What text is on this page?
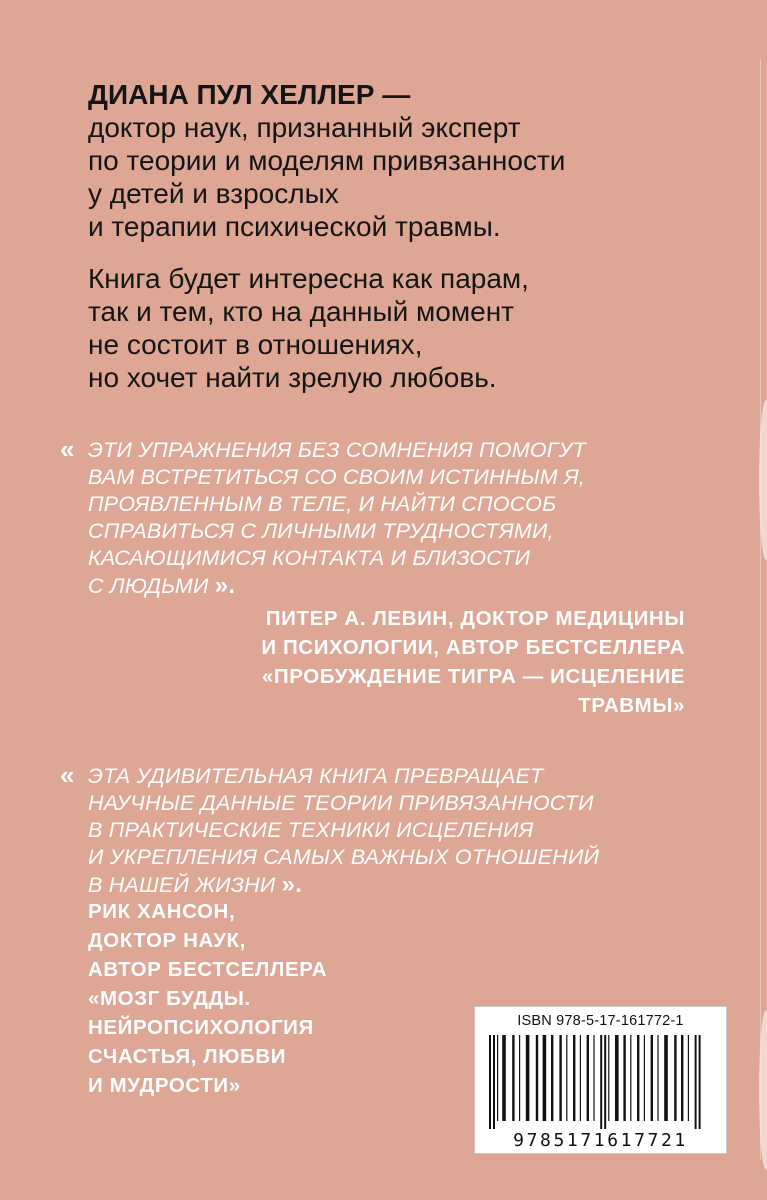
ДИАНА ПУЛ ХЕЛЛЕР —
доктор наук, признанный эксперт
по теории и моделям привязанности
у детей и взрослых
и терапии психической травмы.
Книга будет интересна как парам,
так и тем, кто на данный момент
не состоит в отношениях,
но хочет найти зрелую любовь.
« ЭТИ УПРАЖНЕНИЯ БЕЗ СОМНЕНИЯ ПОМОГУТ
ВАМ ВСТРЕТИТЬСЯ СО СВОИМ ИСТИННЫМ Я,
ПРОЯВЛЕННЫМ В ТЕЛЕ, И НАЙТИ СПОСОБ
СПРАВИТЬСЯ С ЛИЧНЫМИ ТРУДНОСТЯМИ,
КАСАЮЩИМИСЯ КОНТАКТА И БЛИЗОСТИ
С ЛЮДЬМИ ».
ПИТЕР А. ЛЕВИН, ДОКТОР МЕДИЦИНЫ
И ПСИХОЛОГИИ, АВТОР БЕСТСЕЛЛЕРА
«ПРОБУЖДЕНИЕ ТИГРА — ИСЦЕЛЕНИЕ
ТРАВМЫ»
« ЭТА УДИВИТЕЛЬНАЯ КНИГА ПРЕВРАЩАЕТ
НАУЧНЫЕ ДАННЫЕ ТЕОРИИ ПРИВЯЗАННОСТИ
В ПРАКТИЧЕСКИЕ ТЕХНИКИ ИСЦЕЛЕНИЯ
И УКРЕПЛЕНИЯ САМЫХ ВАЖНЫХ ОТНОШЕНИЙ
В НАШЕЙ ЖИЗНИ ».
РИК ХАНСОН,
ДОКТОР НАУК,
АВТОР БЕСТСЕЛЛЕРА
«МОЗГ БУДДЫ.
НЕЙРОПСИХОЛОГИЯ
СЧАСТЬЯ, ЛЮБВИ
И МУДРОСТИ»
ISBN 978-5-17-161772-1
9785171617721
